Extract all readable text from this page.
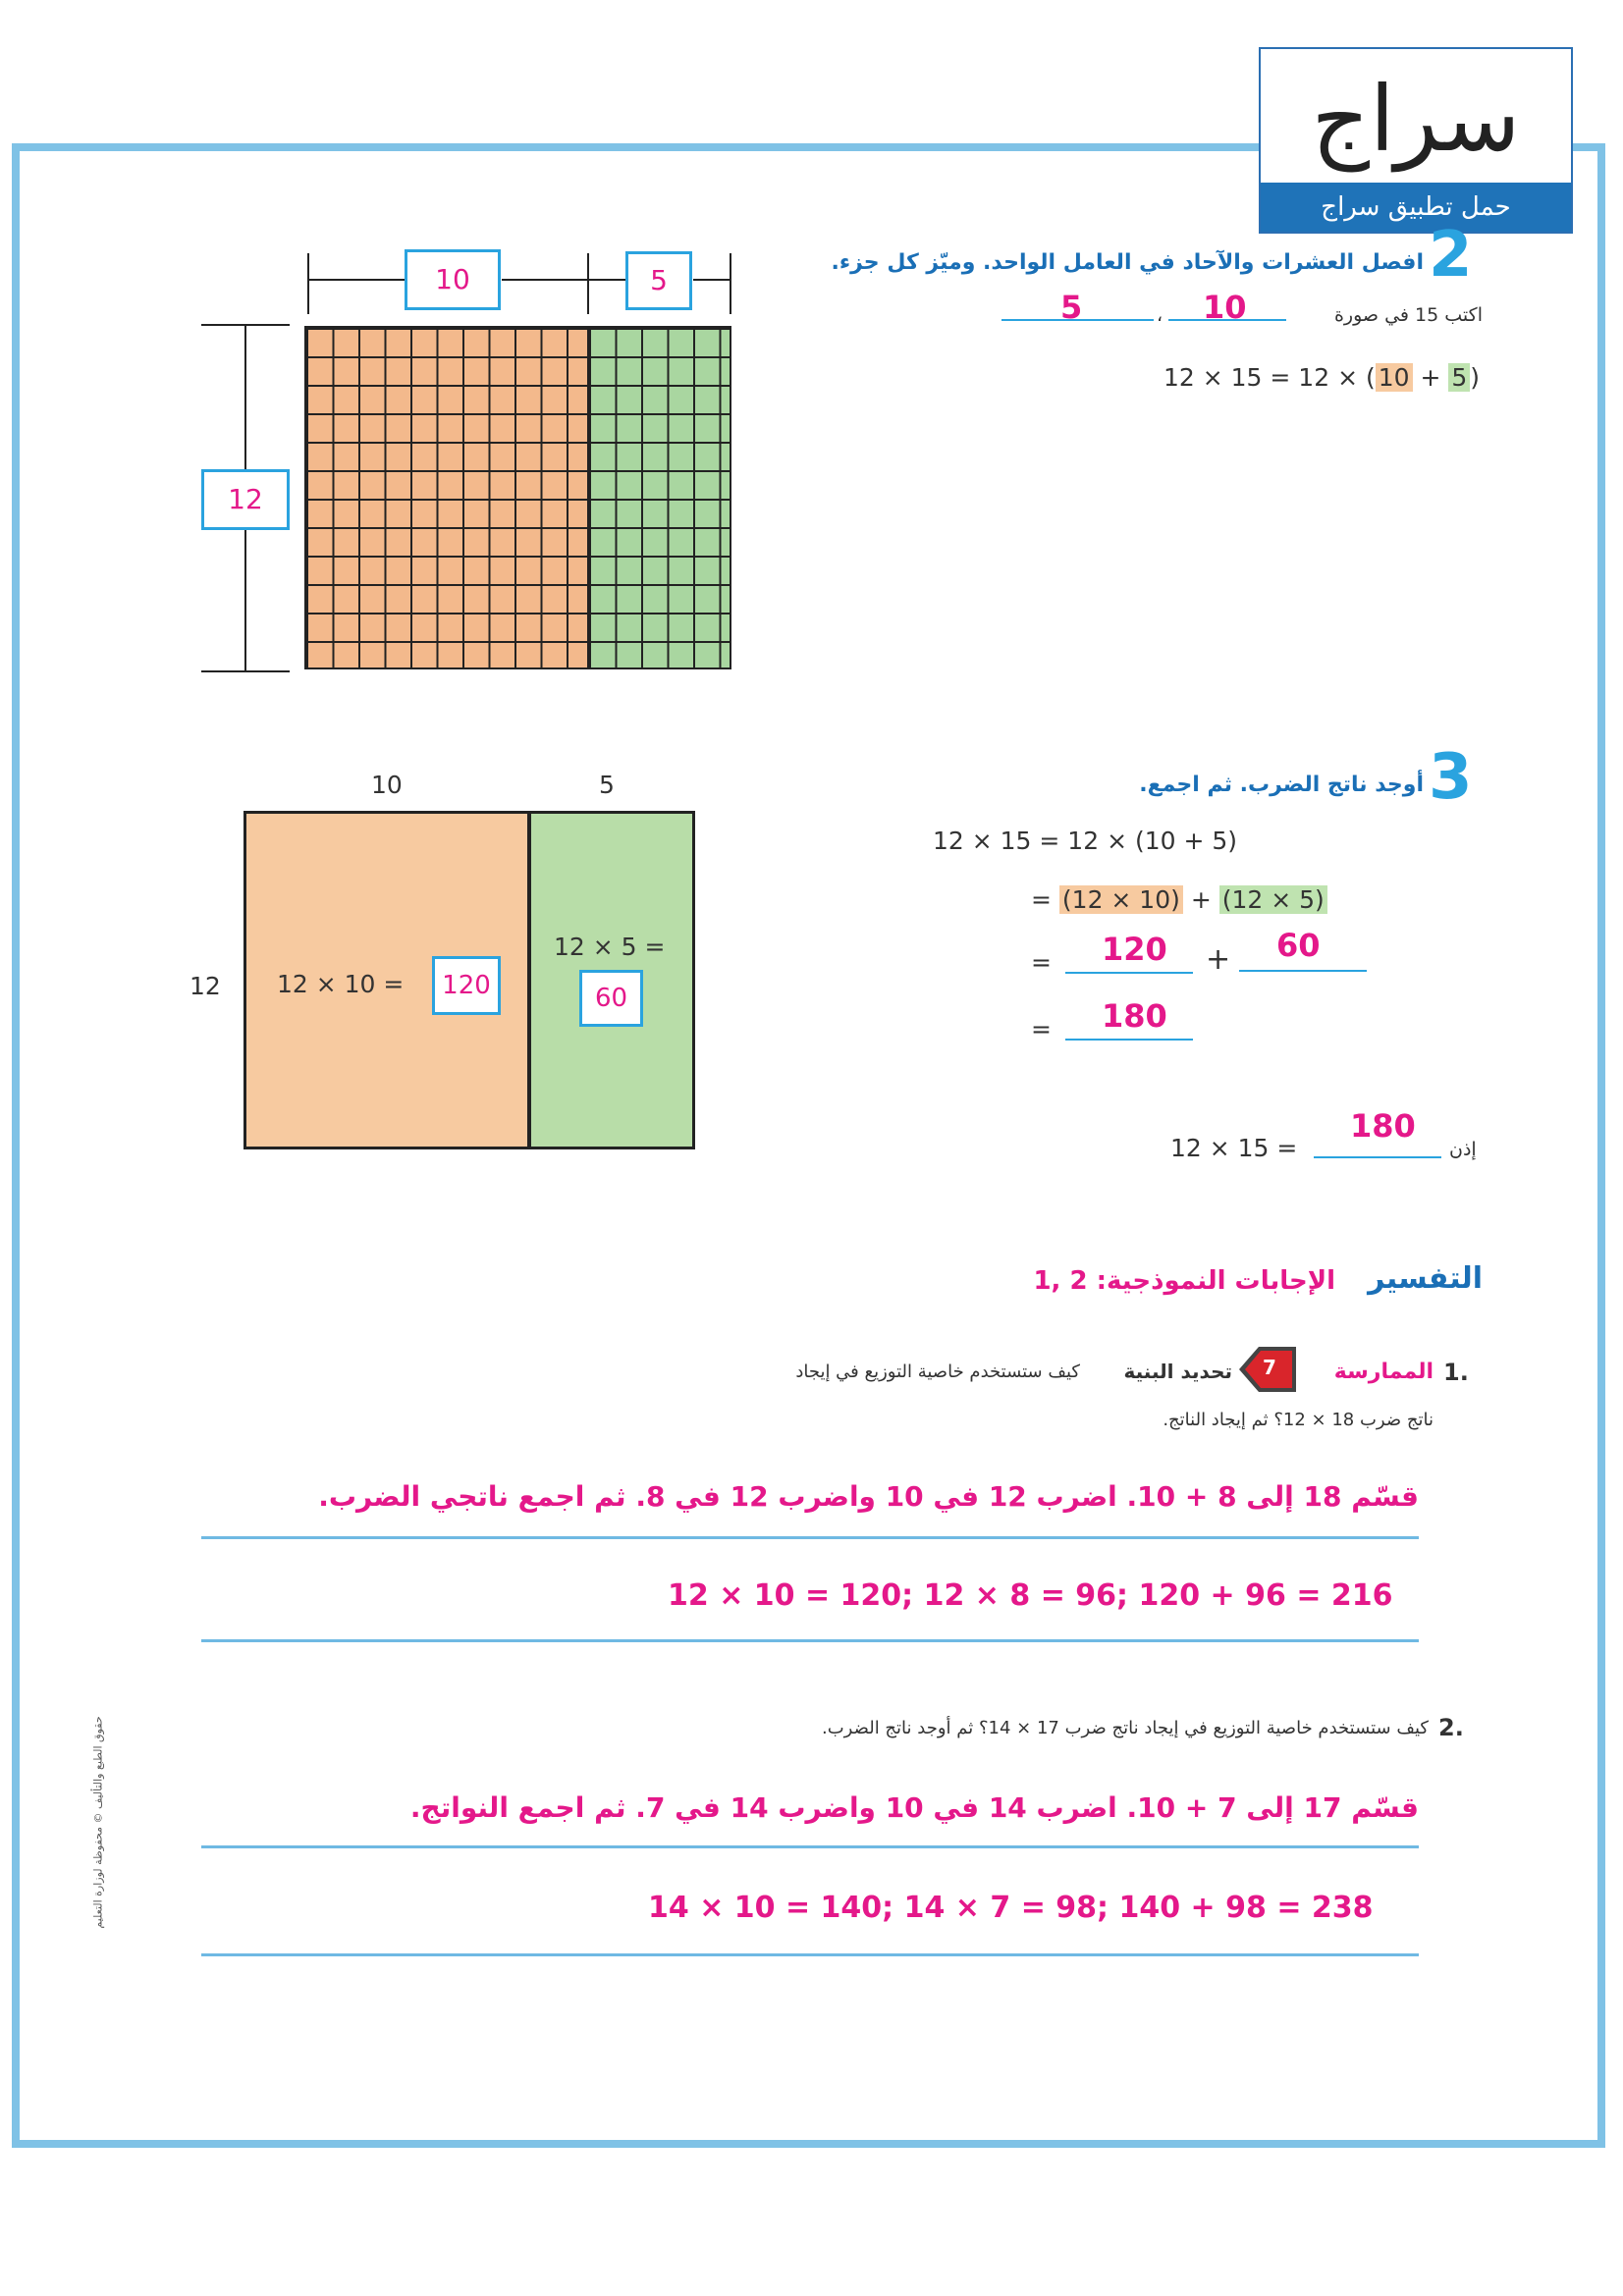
سراج
حمل تطبيق سراج
2
افصل العشرات والآحاد في العامل الواحد. وميّز كل جزء.
اكتب 15 في صورة
5	، 10
12 × 15 = 12 × ( 10 + 5 )
10	5
12
3
أوجد ناتج الضرب. ثم اجمع.
12 × 15 = 12 × (10 + 5)
= (12 × 10) + (12 × 5)
= 120 + 60
= 180
12 × 15 =
180
إذن
10	5
12 12 × 10 =	120
12 × 5 =
60
التفسير
الإجابات النموذجية: 2 ,1
1.
الممارسة
7
تحديد البنية
كيف ستستخدم خاصية التوزيع في إيجاد
ناتج ضرب 18 × 12؟ ثم إيجاد الناتج.
قسّم 18 إلى 8 + 10. اضرب 12 في 10 واضرب 12 في 8. ثم اجمع ناتجي الضرب.
12 × 10 = 120; 12 × 8 = 96; 120 + 96 = 216
2.
كيف ستستخدم خاصية التوزيع في إيجاد ناتج ضرب 17 × 14؟ ثم أوجد ناتج الضرب.
قسّم 17 إلى 7 + 10. اضرب 14 في 10 واضرب 14 في 7. ثم اجمع النواتج.
14 × 10 = 140; 14 × 7 = 98; 140 + 98 = 238
حقوق الطبع والتأليف © محفوظة لوزارة التعليم
